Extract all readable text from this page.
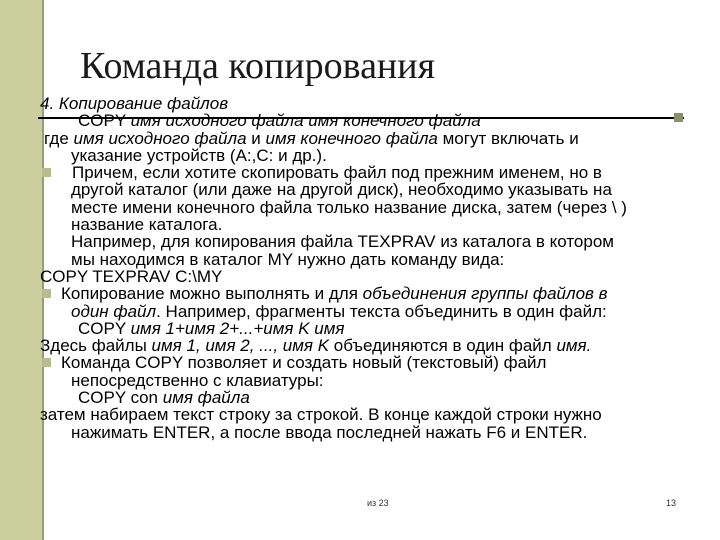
Команда копирования
4. Копирование файлов
COPY имя исходного файла имя конечного файла
где имя исходного файла и имя конечного файла могут включать и
указание устройств (A:,C: и др.).
Причем, если хотите скопировать файл под прежним именем, но в
другой каталог (или даже на другой диск), необходимо указывать на
месте имени конечного файла только название диска, затем (через \ )
название каталога.
Например, для копирования файла TEXPRAV из каталога в котором
мы находимся в каталог MY нужно дать команду вида:
COPY TEXPRAV C:\MY
Копирование можно выполнять и для объединения группы файлов в
один файл. Например, фрагменты текста объединить в один файл:
COPY имя 1+имя 2+...+имя K имя
Здесь файлы имя 1, имя 2, ..., имя K объединяются в один файл имя.
Команда COPY позволяет и создать новый (текстовый) файл
непосредственно с клавиатуры:
COPY con имя файла
затем набираем текст строку за строкой. В конце каждой строки нужно
нажимать ENTER, а после ввода последней нажать F6 и ENTER.
из 23	13
